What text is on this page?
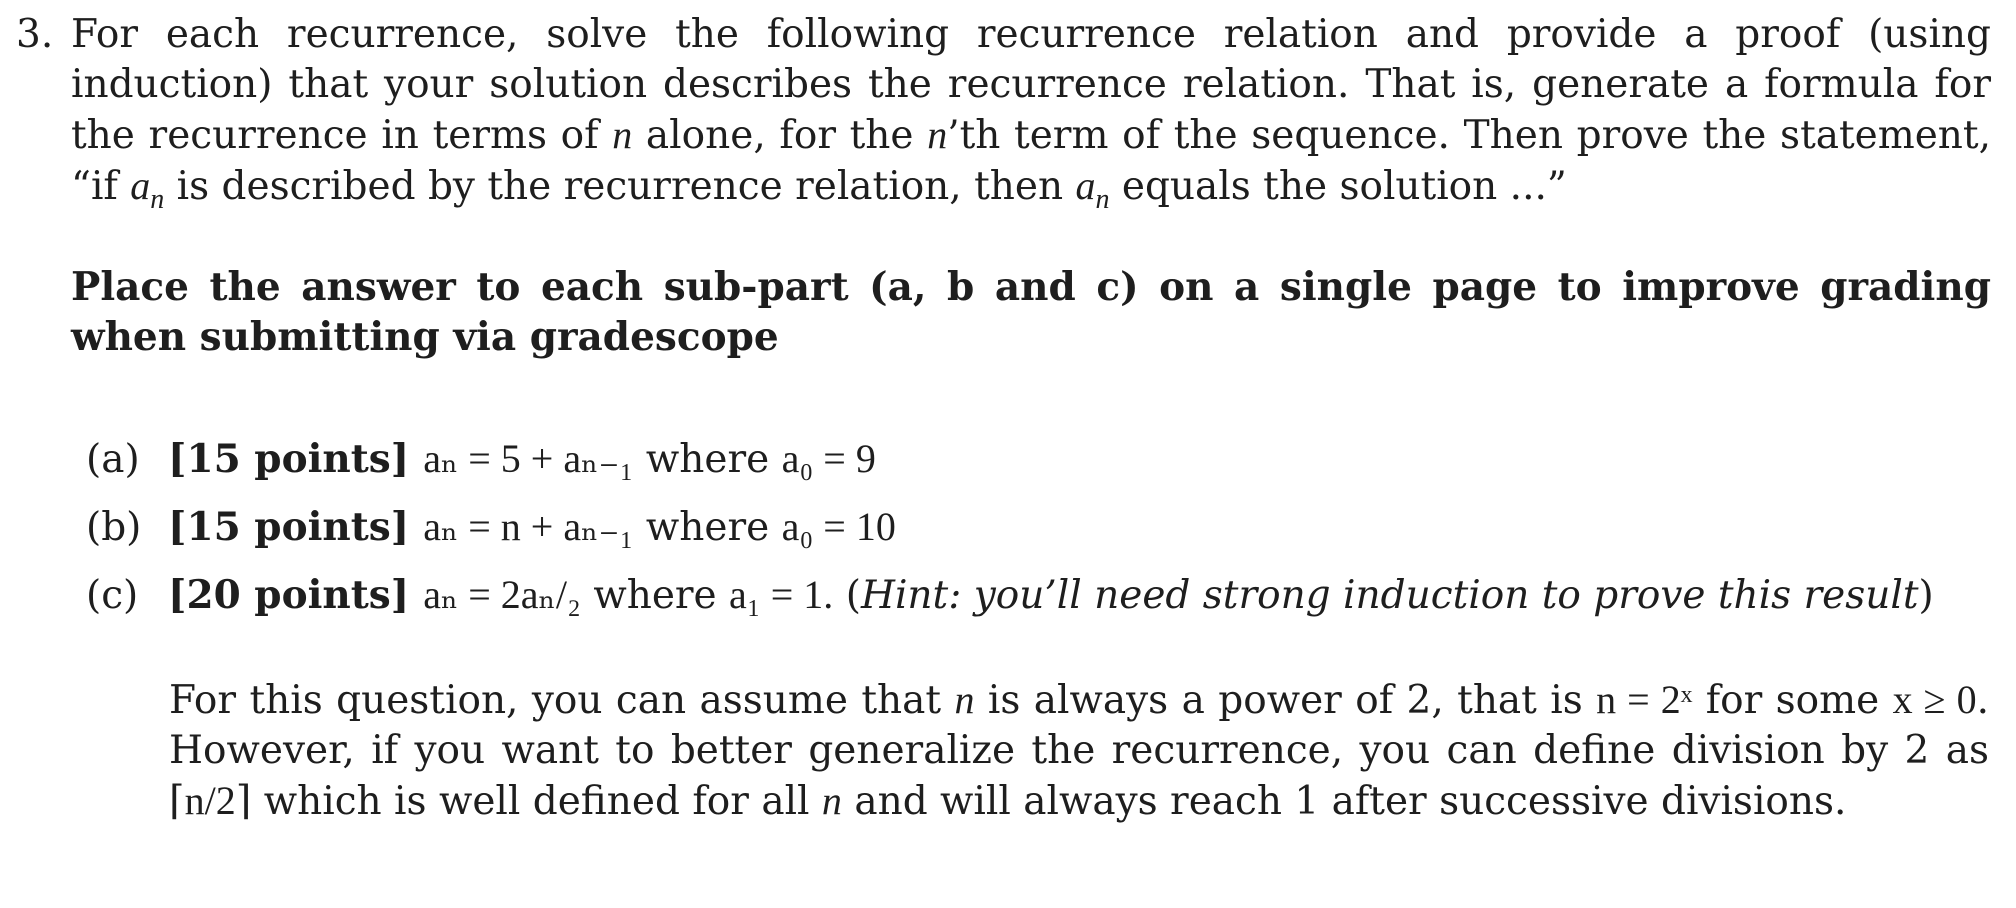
3. For each recurrence, solve the following recurrence relation and provide a proof (using induction) that your solution describes the recurrence relation. That is, generate a formula for the recurrence in terms of n alone, for the n’th term of the sequence. Then prove the statement, “if $a_n$ is described by the recurrence relation, then $a_n$ equals the solution ...”
Place the answer to each sub-part (a, b and c) on a single page to improve grading when submitting via gradescope
(a) [15 points] aₙ = 5 + aₙ₋₁ where a₀ = 9
(b) [15 points] aₙ = n + aₙ₋₁ where a₀ = 10
(c) [20 points] aₙ = 2aₙ/₂ where a₁ = 1. (Hint: you’ll need strong induction to prove this result)
For this question, you can assume that n is always a power of 2, that is n = 2ˣ for some x ≥ 0. However, if you want to better generalize the recurrence, you can define division by 2 as ⌈n/2⌉ which is well defined for all n and will always reach 1 after successive divisions.
